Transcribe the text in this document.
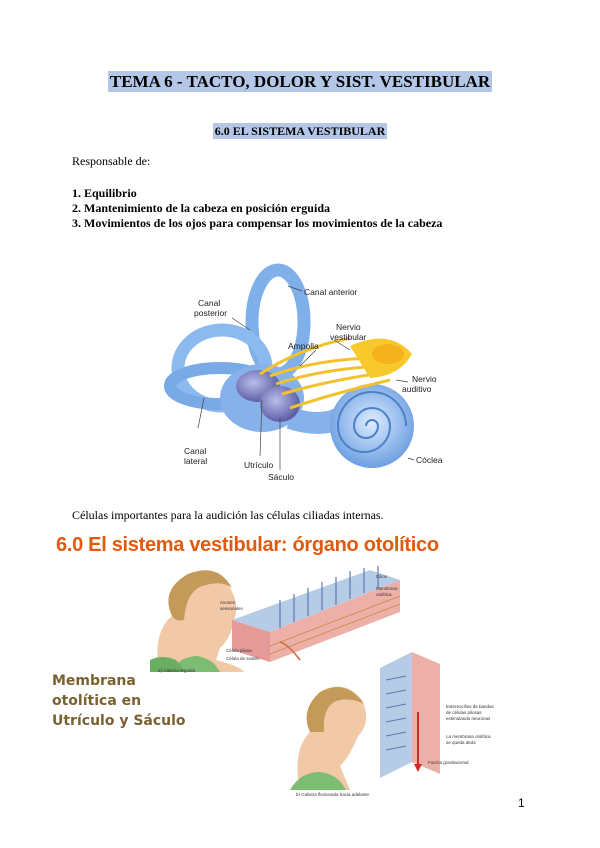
TEMA 6 - TACTO, DOLOR Y SIST. VESTIBULAR
6.0 EL SISTEMA VESTIBULAR
Responsable de:
1. Equilibrio
2. Mantenimiento de la cabeza en posición erguida
3. Movimientos de los ojos para compensar los movimientos de la cabeza
Canal anterior
Canal
posterior
Nervio
vestibular
Ampolla
Nervio
auditivo
Canal
lateral	Utrículo
Sáculo
Cóclea
Células importantes para la audición las células ciliadas internas.
6.0 El sistema vestibular: órgano otolítico
Membrana
otolítica en
Utrículo y Sáculo
Axones
sensoriales
Cilios
Membrana
otolítica
Célula pilosa
Célula de sostén
a) Cabeza erguida
Estereocilios de bandas
de células pilosas
estimulando neuronas
La membrana otolítica
se queda atrás
Fuerza gravitacional
b) Cabeza flexionada hacia adelante
1
